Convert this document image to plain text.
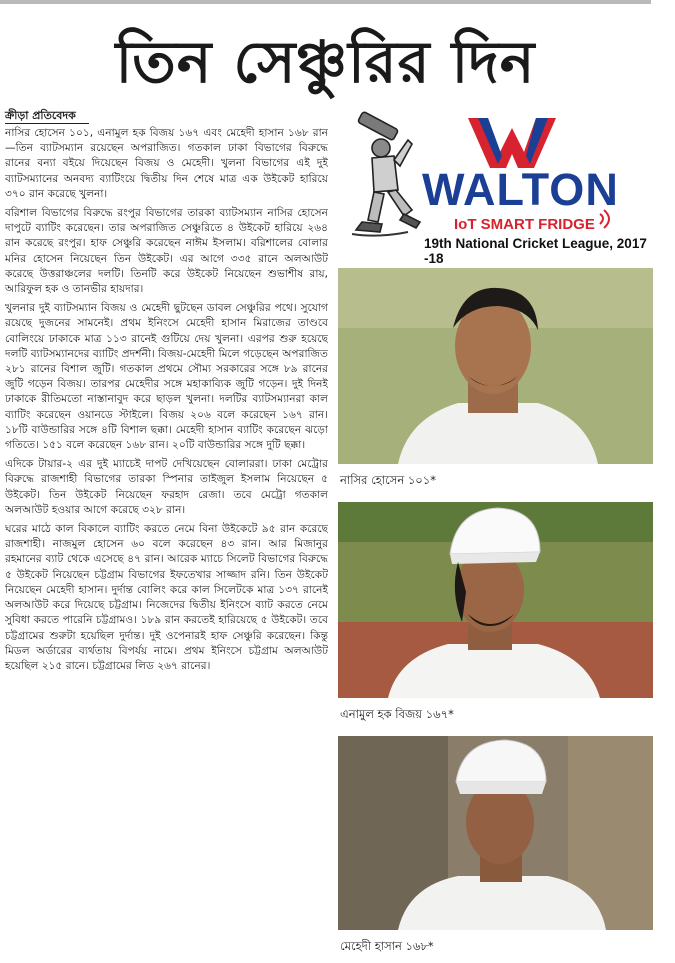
তিন সেঞ্চুরির দিন
ক্রীড়া প্রতিবেদক

নাসির হোসেন ১০১, এনামুল হক বিজয় ১৬৭ এবং মেহেদী হাসান ১৬৮ রান—তিন ব্যাটসম্যান রয়েছেন অপরাজিত। গতকাল ঢাকা বিভাগের বিরুদ্ধে রানের বন্যা বইয়ে দিয়েছেন বিজয় ও মেহেদী। খুলনা বিভাগের এই দুই ব্যাটসম্যানের অনবদ্য ব্যাটিংয়ে দ্বিতীয় দিন শেষে মাত্র এক উইকেট হারিয়ে ৩৭০ রান করেছে খুলনা।

বরিশাল বিভাগের বিরুদ্ধে রংপুর বিভাগের তারকা ব্যাটসম্যান নাসির হোসেন দাপুটে ব্যাটিং করেছেন। তার অপরাজিত সেঞ্চুরিতে ৪ উইকেট হারিয়ে ২৬৪ রান করেছে রংপুর। হাফ সেঞ্চুরি করেছেন নাঈম ইসলাম। বরিশালের বোলার মনির হোসেন নিয়েছেন তিন উইকেট। এর আগে ৩৩৫ রানে অলআউট করেছে উত্তরাঞ্চলের দলটি। তিনটি করে উইকেট নিয়েছেন শুভাশীষ রায়, আরিফুল হক ও তানভীর হায়দার।

খুলনার দুই ব্যাটসম্যান বিজয় ও মেহেদী ছুটছেন ডাবল সেঞ্চুরির পথে। সুযোগ রয়েছে দুজনের সামনেই। প্রথম ইনিংসে মেহেদী হাসান মিরাজের তাণ্ডবে বোলিংয়ে ঢাকাকে মাত্র ১১৩ রানেই গুটিয়ে দেয় খুলনা। এরপর শুরু হয়েছে দলটি ব্যাটসম্যানদের ব্যাটিং প্রদর্শনী। বিজয়-মেহেদী মিলে গড়েছেন অপরাজিত ২৮১ রানের বিশাল জুটি। গতকাল প্রথমে সৌম্য সরকারের সঙ্গে ৮৯ রানের জুটি গড়েন বিজয়। তারপর মেহেদীর সঙ্গে মহাকাব্যিক জুটি গড়েন। দুই দিনই ঢাকাকে রীতিমতো নাস্তানাবুদ করে ছাড়ল খুলনা। দলটির ব্যাটসম্যানরা কাল ব্যাটিং করেছেন ওয়ানডে স্টাইলে। বিজয় ২০৬ বলে করেছেন ১৬৭ রান। ১৮টি বাউন্ডারির সঙ্গে ৪টি বিশাল ছক্কা। মেহেদী হাসান ব্যাটিং করেছেন ঝড়ো গতিতে। ১৫১ বলে করেছেন ১৬৮ রান। ২০টি বাউন্ডারির সঙ্গে দুটি ছক্কা।

এদিকে টায়ার-২ এর দুই ম্যাচেই দাপট দেখিয়েছেন বোলাররা। ঢাকা মেট্রোর বিরুদ্ধে রাজশাহী বিভাগের তারকা স্পিনার তাইজুল ইসলাম নিয়েছেন ৫ উইকেট। তিন উইকেট নিয়েছেন ফরহাদ রেজা। তবে মেট্রো গতকাল অলআউট হওয়ার আগে করেছে ৩২৮ রান।

ঘরের মাঠে কাল বিকালে ব্যাটিং করতে নেমে বিনা উইকেটে ৯৫ রান করেছে রাজশাহী। নাজমুল হোসেন ৬০ বলে করেছেন ৪৩ রান। আর মিজানুর রহমানের ব্যাট থেকে এসেছে ৪৭ রান। আরেক ম্যাচে সিলেট বিভাগের বিরুদ্ধে ৫ উইকেট নিয়েছেন চট্টগ্রাম বিভাগের ইফতেখার সাজ্জাদ রনি। তিন উইকেট নিয়েছেন মেহেদী হাসান। দুর্দান্ত বোলিং করে কাল সিলেটকে মাত্র ১৩৭ রানেই অলআউট করে দিয়েছে চট্টগ্রাম। নিজেদের দ্বিতীয় ইনিংসে ব্যাট করতে নেমে সুবিধা করতে পারেনি চট্টগ্রামও। ১৮৯ রান করতেই হারিয়েছে ৫ উইকেট। তবে চট্টগ্রামের শুরুটা হয়েছিল দুর্দান্ত। দুই ওপেনারই হাফ সেঞ্চুরি করেছেন। কিন্তু মিডল অর্ডারের ব্যর্থতায় বিপর্যয় নামে। প্রথম ইনিংসে চট্টগ্রাম অলআউট হয়েছিল ২১৫ রানে। চট্টগ্রামের লিড ২৬৭ রানের।

WALTON
IoT SMART FRIDGE
19th National Cricket League, 2017 -18
নাসির হোসেন ১০১*
এনামুল হক বিজয় ১৬৭*
মেহেদী হাসান ১৬৮*
